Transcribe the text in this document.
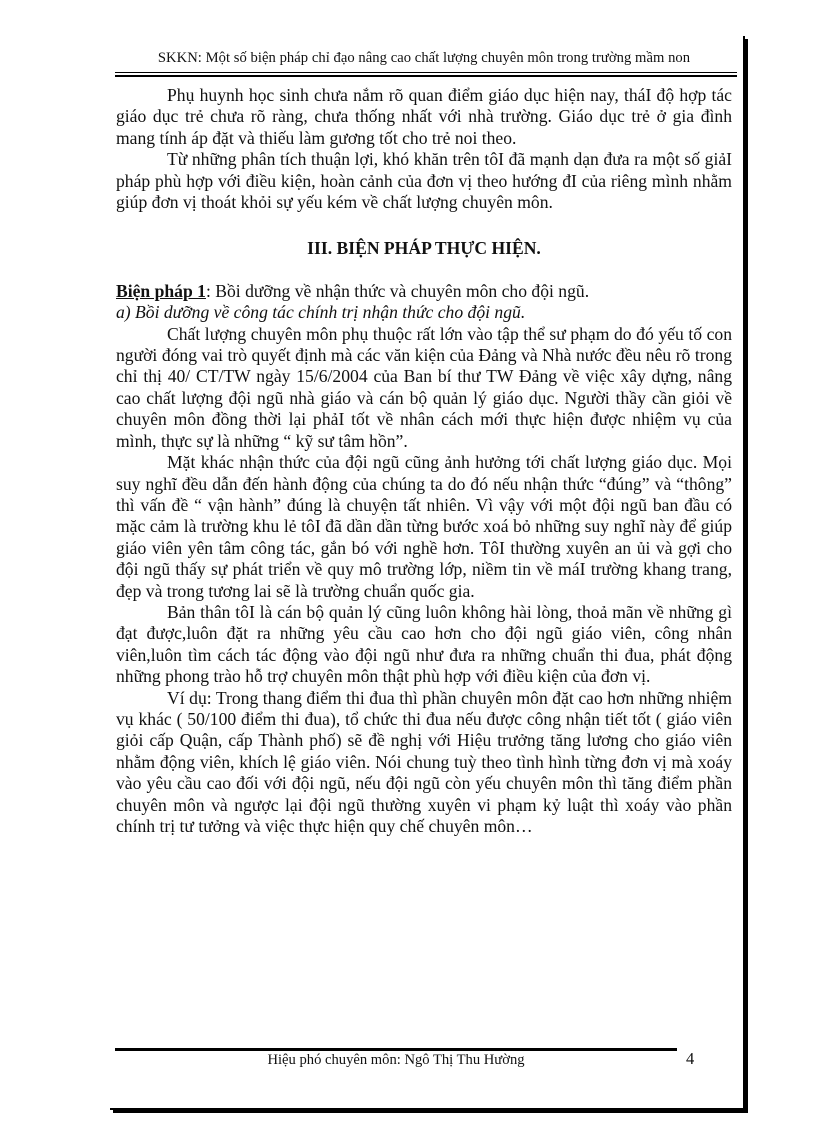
SKKN: Một số biện pháp chỉ đạo nâng cao chất lượng chuyên môn trong trường mầm non

Phụ huynh học sinh chưa nắm rõ quan điểm giáo dục hiện nay, tháI độ hợp tác giáo dục trẻ chưa rõ ràng, chưa thống nhất với nhà trường. Giáo dục trẻ ở gia đình mang tính áp đặt và thiếu làm gương tốt cho trẻ noi theo.

Từ những phân tích thuận lợi, khó khăn trên tôI đã mạnh dạn đưa ra một số giảI pháp phù hợp với điều kiện, hoàn cảnh của đơn vị theo hướng đI của riêng mình nhằm giúp đơn vị thoát khỏi sự yếu kém về chất lượng chuyên môn.

III. BIỆN PHÁP THỰC HIỆN.

Biện pháp 1: Bồi dưỡng về nhận thức và chuyên môn cho đội ngũ.

a) Bồi dưỡng về công tác chính trị nhận thức cho đội ngũ.

Chất lượng chuyên môn phụ thuộc rất lớn vào tập thể sư phạm do đó yếu tố con người đóng vai trò quyết định mà các văn kiện của Đảng và Nhà nước đều nêu rõ trong chỉ thị 40/ CT/TW ngày 15/6/2004 của Ban bí thư TW Đảng về việc xây dựng, nâng cao chất lượng đội ngũ nhà giáo và cán bộ quản lý giáo dục. Người thầy cần giỏi về chuyên môn đồng thời lại phảI tốt về nhân cách mới thực hiện được nhiệm vụ của mình, thực sự là những “ kỹ sư tâm hồn”.

Mặt khác nhận thức của đội ngũ cũng ảnh hưởng tới chất lượng giáo dục. Mọi suy nghĩ đều dẫn đến hành động của chúng ta do đó nếu nhận thức “đúng” và “thông” thì vấn đề “ vận hành” đúng là chuyện tất nhiên. Vì vậy với một đội ngũ ban đầu có mặc cảm là trường khu lẻ tôI đã dần dần từng bước xoá bỏ những suy nghĩ này để giúp giáo viên yên tâm công tác, gắn bó với nghề hơn. TôI thường xuyên an ủi và gợi cho đội ngũ thấy sự phát triển về quy mô trường lớp, niềm tin về máI trường khang trang, đẹp và trong tương lai sẽ là trường chuẩn quốc gia.

Bản thân tôI là cán bộ quản lý cũng luôn không hài lòng, thoả mãn về những gì đạt được,luôn đặt ra những yêu cầu cao hơn cho đội ngũ giáo viên, công nhân viên,luôn tìm cách tác động vào đội ngũ như đưa ra những chuẩn thi đua, phát động những phong trào hỗ trợ chuyên môn thật phù hợp với điều kiện của đơn vị.

Ví dụ: Trong thang điểm thi đua thì phần chuyên môn đặt cao hơn những nhiệm vụ khác ( 50/100 điểm thi đua), tổ chức thi đua nếu được công nhận tiết tốt ( giáo viên giỏi cấp Quận, cấp Thành phố) sẽ đề nghị với Hiệu trưởng tăng lương cho giáo viên nhằm động viên, khích lệ giáo viên. Nói chung tuỳ theo tình hình từng đơn vị mà xoáy vào yêu cầu cao đối với đội ngũ, nếu đội ngũ còn yếu chuyên môn thì tăng điểm phần chuyên môn và ngược lại đội ngũ thường xuyên vi phạm kỷ luật thì xoáy vào phần chính trị tư tưởng và việc thực hiện quy chế chuyên môn…

Hiệu phó chuyên môn: Ngô Thị Thu Hường	4
